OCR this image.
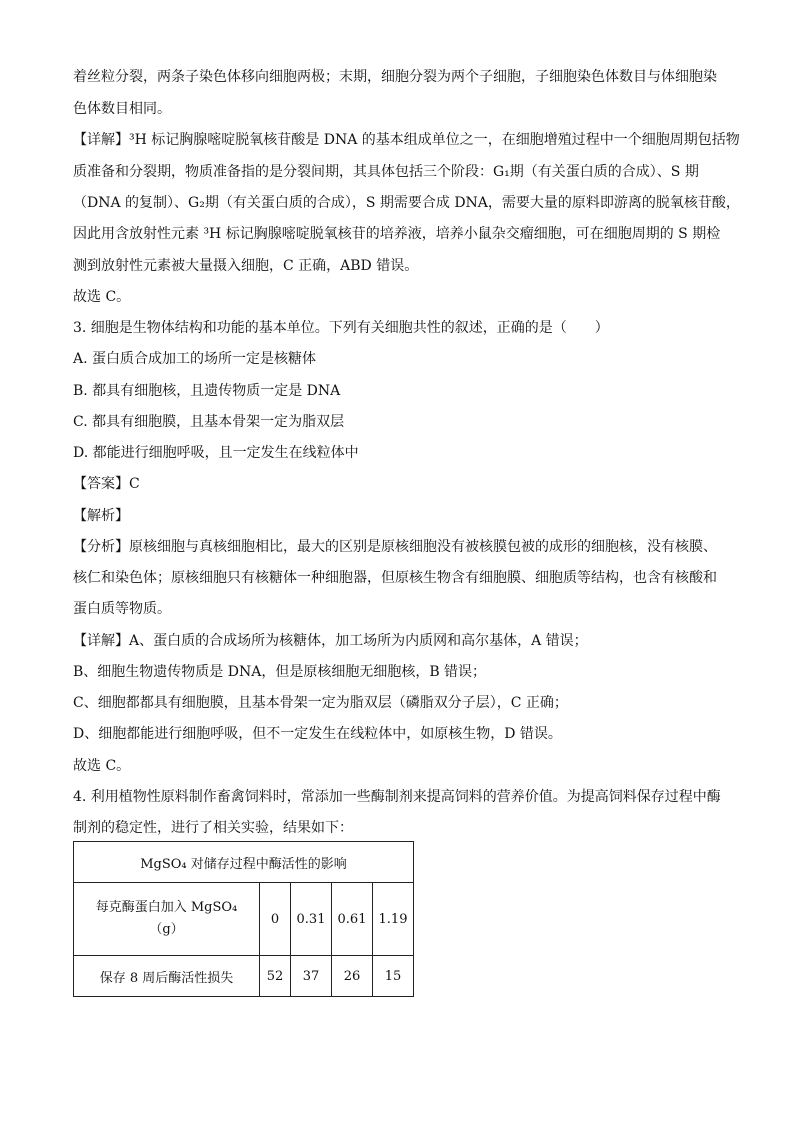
着丝粒分裂，两条子染色体移向细胞两极；末期，细胞分裂为两个子细胞，子细胞染色体数目与体细胞染
色体数目相同。
【详解】³H 标记胸腺嘧啶脱氧核苷酸是 DNA 的基本组成单位之一，在细胞增殖过程中一个细胞周期包括物
质准备和分裂期，物质准备指的是分裂间期，其具体包括三个阶段：G₁期（有关蛋白质的合成）、S 期
（DNA 的复制）、G₂期（有关蛋白质的合成），S 期需要合成 DNA，需要大量的原料即游离的脱氧核苷酸，
因此用含放射性元素 ³H 标记胸腺嘧啶脱氧核苷的培养液，培养小鼠杂交瘤细胞，可在细胞周期的 S 期检
测到放射性元素被大量摄入细胞，C 正确，ABD 错误。
故选 C。
3. 细胞是生物体结构和功能的基本单位。下列有关细胞共性的叙述，正确的是（　　）
A. 蛋白质合成加工的场所一定是核糖体
B. 都具有细胞核，且遗传物质一定是 DNA
C. 都具有细胞膜，且基本骨架一定为脂双层
D. 都能进行细胞呼吸，且一定发生在线粒体中
【答案】C
【解析】
【分析】原核细胞与真核细胞相比，最大的区别是原核细胞没有被核膜包被的成形的细胞核，没有核膜、
核仁和染色体；原核细胞只有核糖体一种细胞器，但原核生物含有细胞膜、细胞质等结构，也含有核酸和
蛋白质等物质。
【详解】A、蛋白质的合成场所为核糖体，加工场所为内质网和高尔基体，A 错误；
B、细胞生物遗传物质是 DNA，但是原核细胞无细胞核，B 错误；
C、细胞都都具有细胞膜，且基本骨架一定为脂双层（磷脂双分子层），C 正确；
D、细胞都能进行细胞呼吸，但不一定发生在线粒体中，如原核生物，D 错误。
故选 C。
4. 利用植物性原料制作畜禽饲料时，常添加一些酶制剂来提高饲料的营养价值。为提高饲料保存过程中酶
制剂的稳定性，进行了相关实验，结果如下：
MgSO₄ 对储存过程中酶活性的影响				

每克酶蛋白加入 MgSO₄
（g）	0	0.31	0.61	1.19
保存 8 周后酶活性损失	52	37	26	15
